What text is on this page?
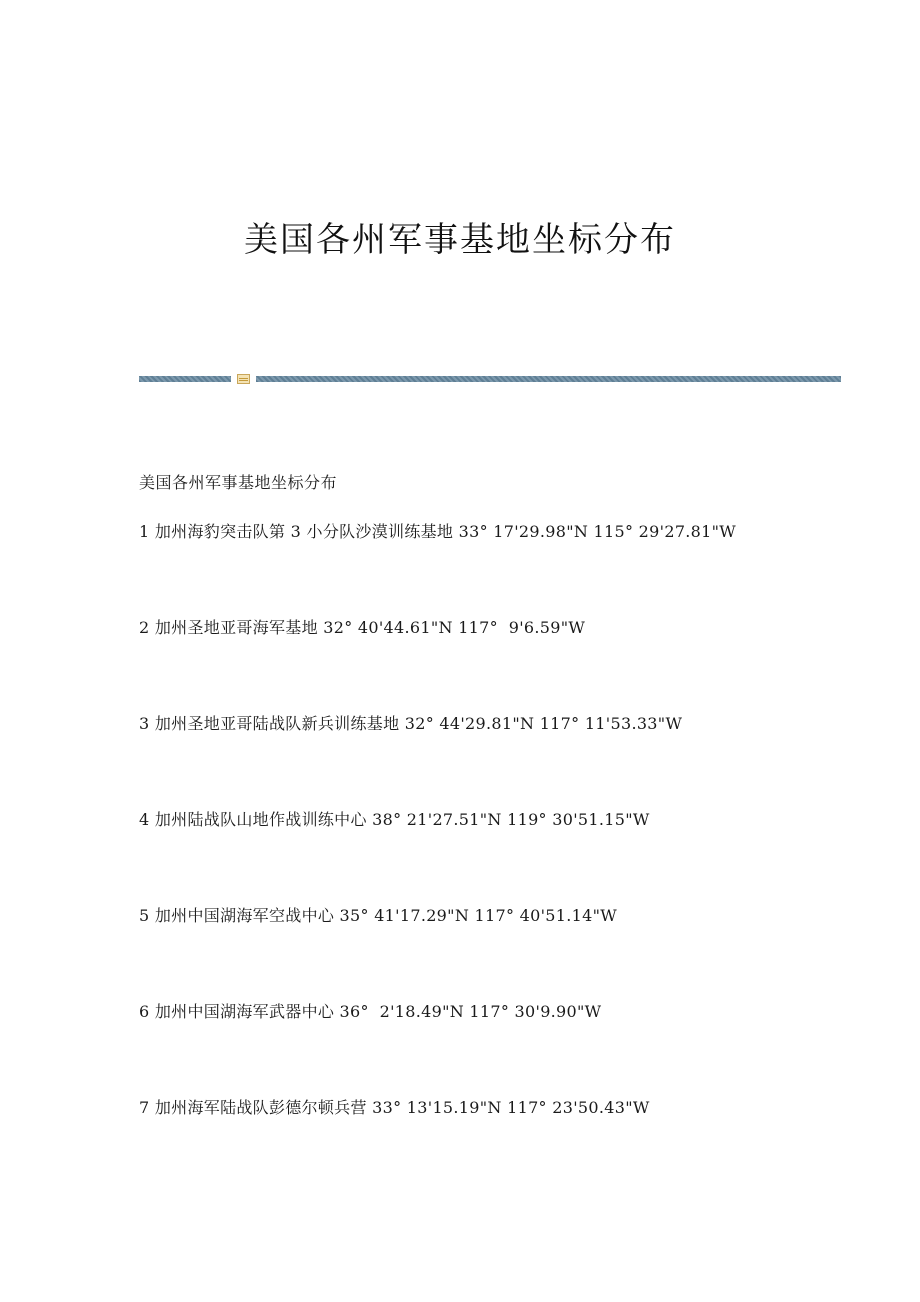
美国各州军事基地坐标分布

美国各州军事基地坐标分布

1 加州海豹突击队第 3 小分队沙漠训练基地 33° 17'29.98"N 115° 29'27.81"W

2 加州圣地亚哥海军基地 32° 40'44.61"N 117°  9'6.59"W

3 加州圣地亚哥陆战队新兵训练基地 32° 44'29.81"N 117° 11'53.33"W

4 加州陆战队山地作战训练中心 38° 21'27.51"N 119° 30'51.15"W

5 加州中国湖海军空战中心 35° 41'17.29"N 117° 40'51.14"W

6 加州中国湖海军武器中心 36°  2'18.49"N 117° 30'9.90"W

7 加州海军陆战队彭德尔顿兵营 33° 13'15.19"N 117° 23'50.43"W
